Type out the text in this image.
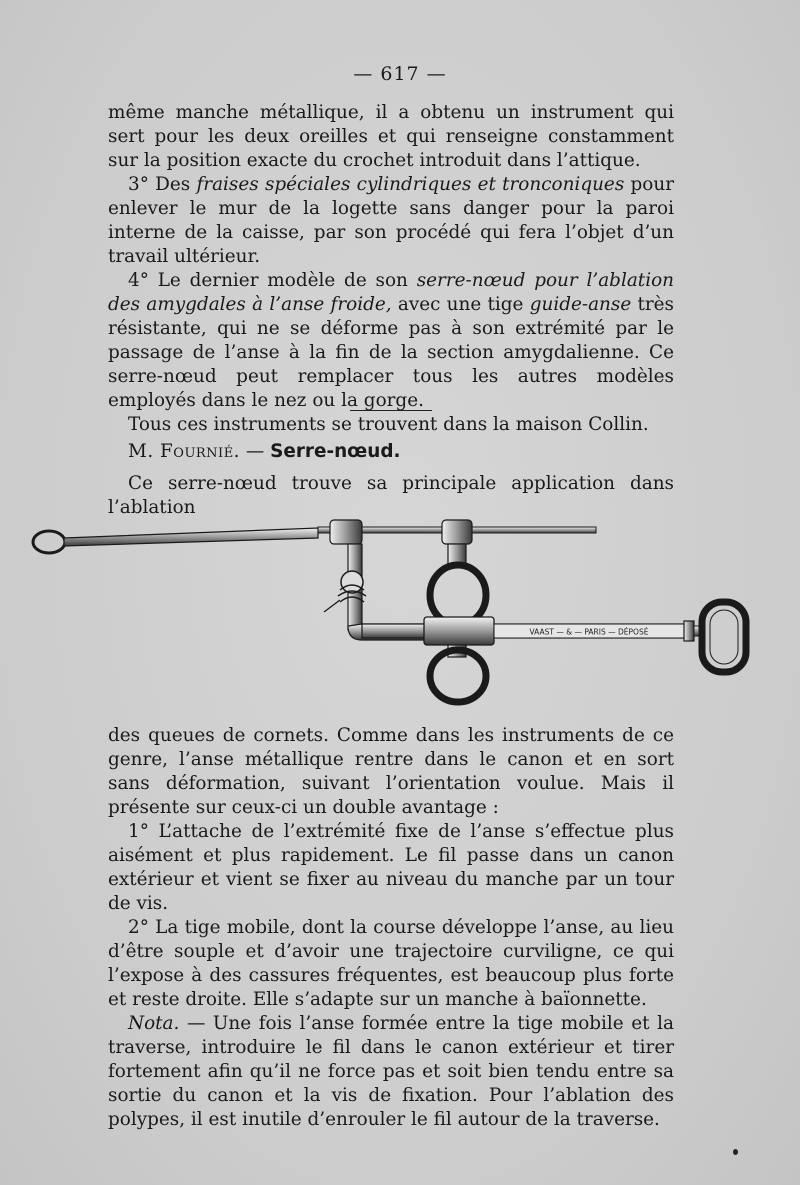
— 617 —

même manche métallique, il a obtenu un instrument qui sert pour les deux oreilles et qui renseigne constamment sur la position exacte du crochet introduit dans l’attique.

3° Des fraises spéciales cylindriques et tronconiques pour enlever le mur de la logette sans danger pour la paroi interne de la caisse, par son procédé qui fera l’objet d’un travail ultérieur.

4° Le dernier modèle de son serre-nœud pour l’ablation des amygdales à l’anse froide, avec une tige guide-anse très résistante, qui ne se déforme pas à son extrémité par le passage de l’anse à la fin de la section amygdalienne. Ce serre-nœud peut remplacer tous les autres modèles employés dans le nez ou la gorge.

Tous ces instruments se trouvent dans la maison Collin.

M. Fournié. — Serre-nœud.

Ce serre-nœud trouve sa principale application dans l’ablation

VAAST — & — PARIS — DÉPOSÉ

des queues de cornets. Comme dans les instruments de ce genre, l’anse métallique rentre dans le canon et en sort sans déformation, suivant l’orientation voulue. Mais il présente sur ceux-ci un double avantage :

1° L’attache de l’extrémité fixe de l’anse s’effectue plus aisément et plus rapidement. Le fil passe dans un canon extérieur et vient se fixer au niveau du manche par un tour de vis.

2° La tige mobile, dont la course développe l’anse, au lieu d’être souple et d’avoir une trajectoire curviligne, ce qui l’expose à des cassures fréquentes, est beaucoup plus forte et reste droite. Elle s’adapte sur un manche à baïonnette.

Nota. — Une fois l’anse formée entre la tige mobile et la traverse, introduire le fil dans le canon extérieur et tirer fortement afin qu’il ne force pas et soit bien tendu entre sa sortie du canon et la vis de fixation. Pour l’ablation des polypes, il est inutile d’enrouler le fil autour de la traverse.
